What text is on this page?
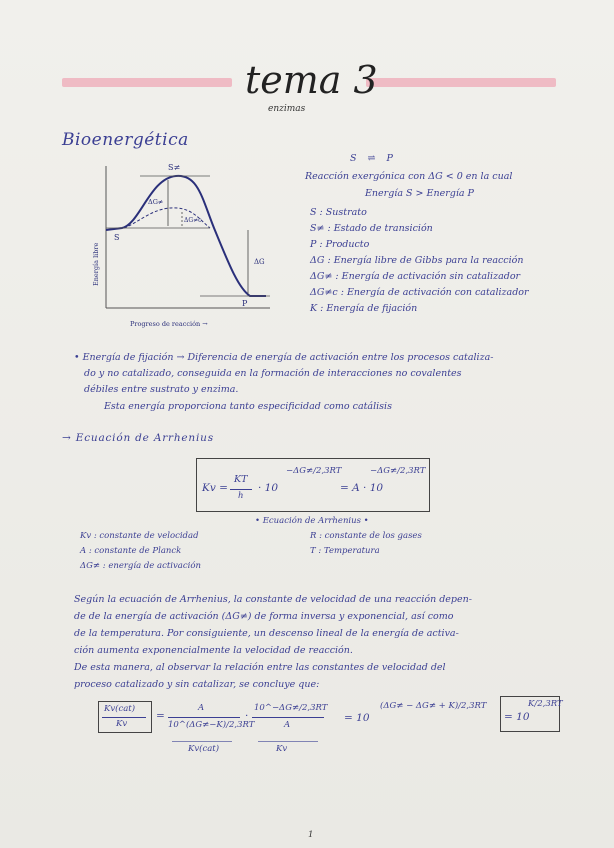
tema 3
enzimas
Bioenergética
S
S≠
P
ΔG
ΔG≠
ΔG≠c
Energía libre
Progreso de reacción →
S ⇌ P
Reacción exergónica con ΔG < 0 en la cual
Energía S > Energía P
S : Sustrato
S≠ : Estado de transición
P : Producto
ΔG : Energía libre de Gibbs para la reacción
ΔG≠ : Energía de activación sin catalizador
ΔG≠c : Energía de activación con catalizador
K : Energía de fijación
• Energía de fijación → Diferencia de energía de activación entre los procesos cataliza-
do y no catalizado, conseguida en la formación de interacciones no covalentes
débiles entre sustrato y enzima.
Esta energía proporciona tanto especificidad como catálisis
→ Ecuación de Arrhenius
Kv =
KT
h
· 10
−ΔG≠/2,3RT
= A · 10
−ΔG≠/2,3RT
• Ecuación de Arrhenius •
Kv : constante de velocidad
A : constante de Planck
ΔG≠ : energía de activación
R : constante de los gases
T : Temperatura
Según la ecuación de Arrhenius, la constante de velocidad de una reacción depen-
de de la energía de activación (ΔG≠) de forma inversa y exponencial, así como
de la temperatura. Por consiguiente, un descenso lineal de la energía de activa-
ción aumenta exponencialmente la velocidad de reacción.
De esta manera, al observar la relación entre las constantes de velocidad del
proceso catalizado y sin catalizar, se concluye que:
Kv(cat)
Kv
=
A
10^(ΔG≠−K)/2,3RT
·
10^−ΔG≠/2,3RT
A
= 10
(ΔG≠ − ΔG≠ + K)/2,3RT
= 10
K/2,3RT
Kv(cat)	Kv
1
